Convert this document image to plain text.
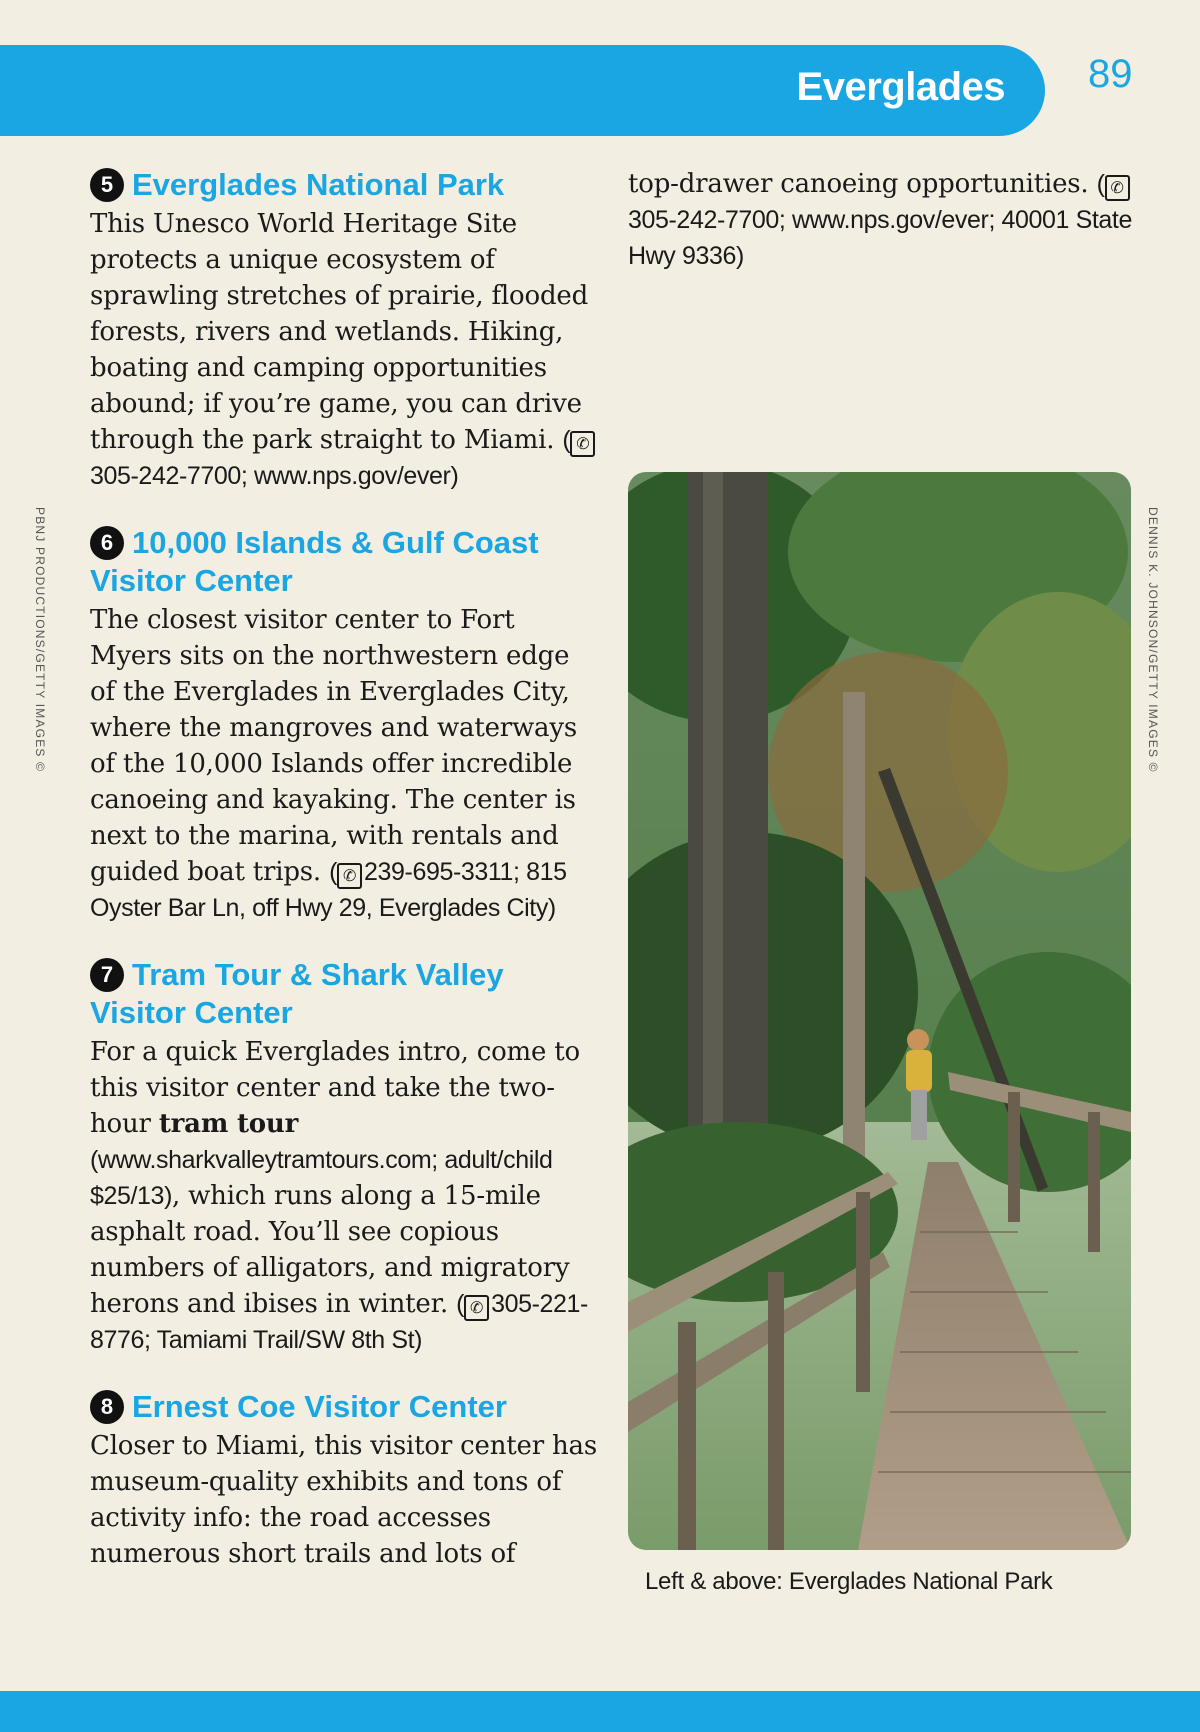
Everglades 89
PBNJ PRODUCTIONS/GETTY IMAGES ©	DENNIS K. JOHNSON/GETTY IMAGES ©
5 Everglades National Park

This Unesco World Heritage Site protects a unique ecosystem of sprawling stretches of prairie, flooded forests, rivers and wetlands. Hiking, boating and camping opportunities abound; if you’re game, you can drive through the park straight to Miami. ( ✆305-242-7700; www.nps.gov/ever)

6 10,000 Islands & Gulf Coast Visitor Center

The closest visitor center to Fort Myers sits on the northwestern edge of the Everglades in Everglades City, where the mangroves and waterways of the 10,000 Islands offer incredible canoeing and kayaking. The center is next to the marina, with rentals and guided boat trips. ( ✆ 239-695-3311; 815 Oyster Bar Ln, off Hwy 29, Everglades City)

7 Tram Tour & Shark Valley Visitor Center

For a quick Everglades intro, come to this visitor center and take the two-hour tram tour (www.sharkvalleytramtours.com; adult/child $25/13), which runs along a 15-mile asphalt road. You’ll see copious numbers of alligators, and migratory herons and ibises in winter. ( ✆ 305-221-8776; Tamiami Trail/SW 8th St)

8 Ernest Coe Visitor Center

Closer to Miami, this visitor center has museum-quality exhibits and tons of activity info: the road accesses numerous short trails and lots of

top-drawer canoeing opportunities. ( ✆305-242-7700; www.nps.gov/ever; 40001 State Hwy 9336)

Left & above: Everglades National Park
